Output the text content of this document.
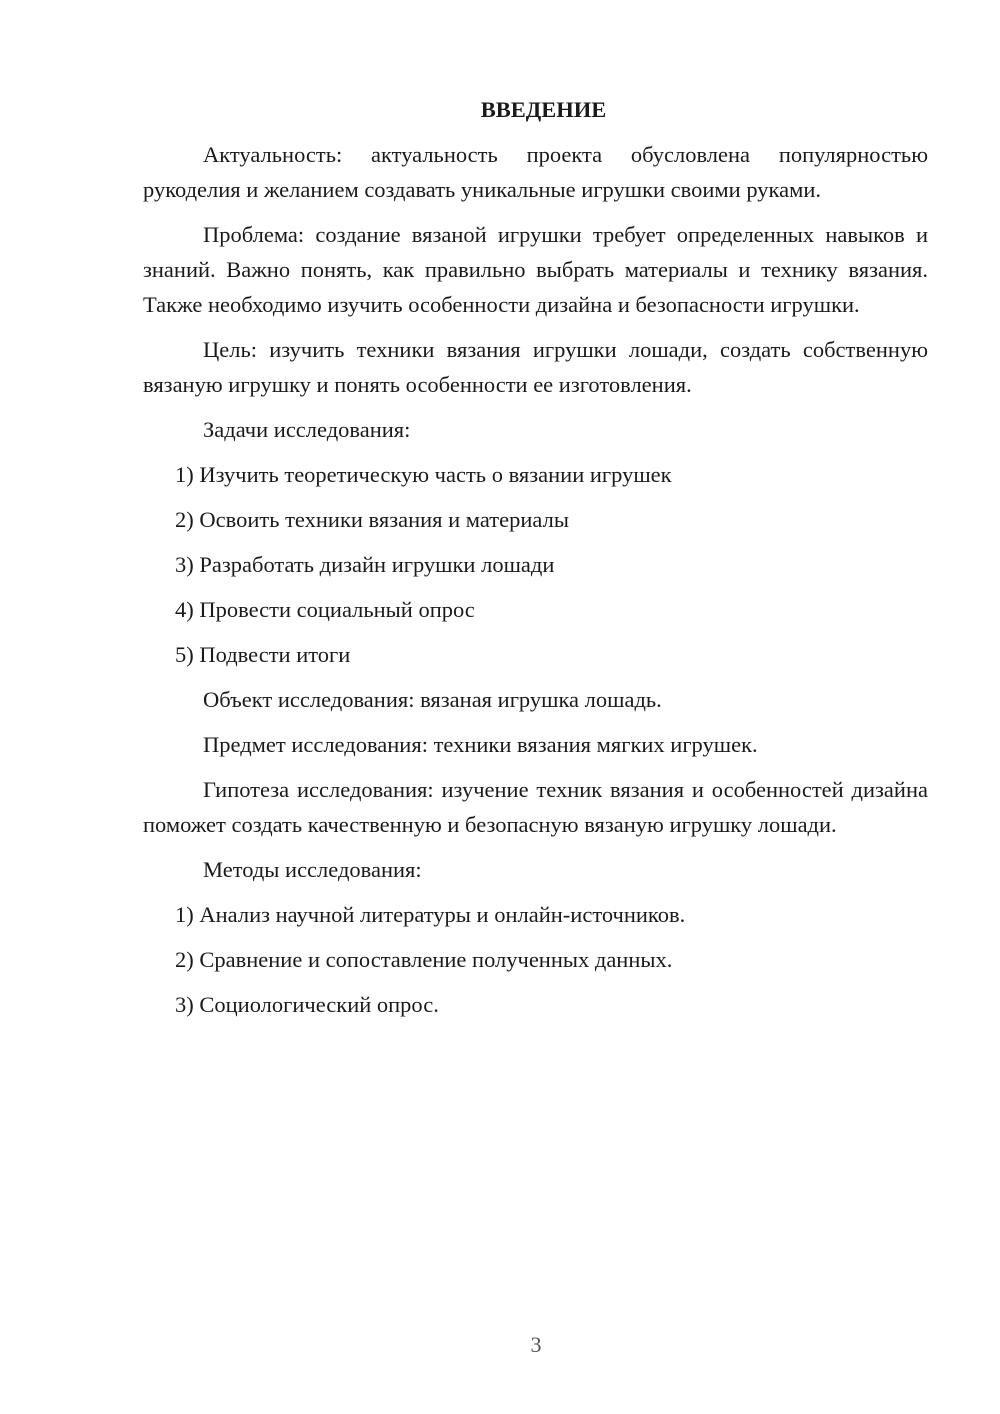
ВВЕДЕНИЕ

Актуальность: актуальность проекта обусловлена популярностью рукоделия и желанием создавать уникальные игрушки своими руками.

Проблема: создание вязаной игрушки требует определенных навыков и знаний. Важно понять, как правильно выбрать материалы и технику вязания. Также необходимо изучить особенности дизайна и безопасности игрушки.

Цель: изучить техники вязания игрушки лошади, создать собственную вязаную игрушку и понять особенности ее изготовления.

Задачи исследования:

1) Изучить теоретическую часть о вязании игрушек

2) Освоить техники вязания и материалы

3) Разработать дизайн игрушки лошади

4) Провести социальный опрос

5) Подвести итоги

Объект исследования: вязаная игрушка лошадь.

Предмет исследования: техники вязания мягких игрушек.

Гипотеза исследования: изучение техник вязания и особенностей дизайна поможет создать качественную и безопасную вязаную игрушку лошади.

Методы исследования:

1) Анализ научной литературы и онлайн-источников.

2) Сравнение и сопоставление полученных данных.

3) Социологический опрос.

3
